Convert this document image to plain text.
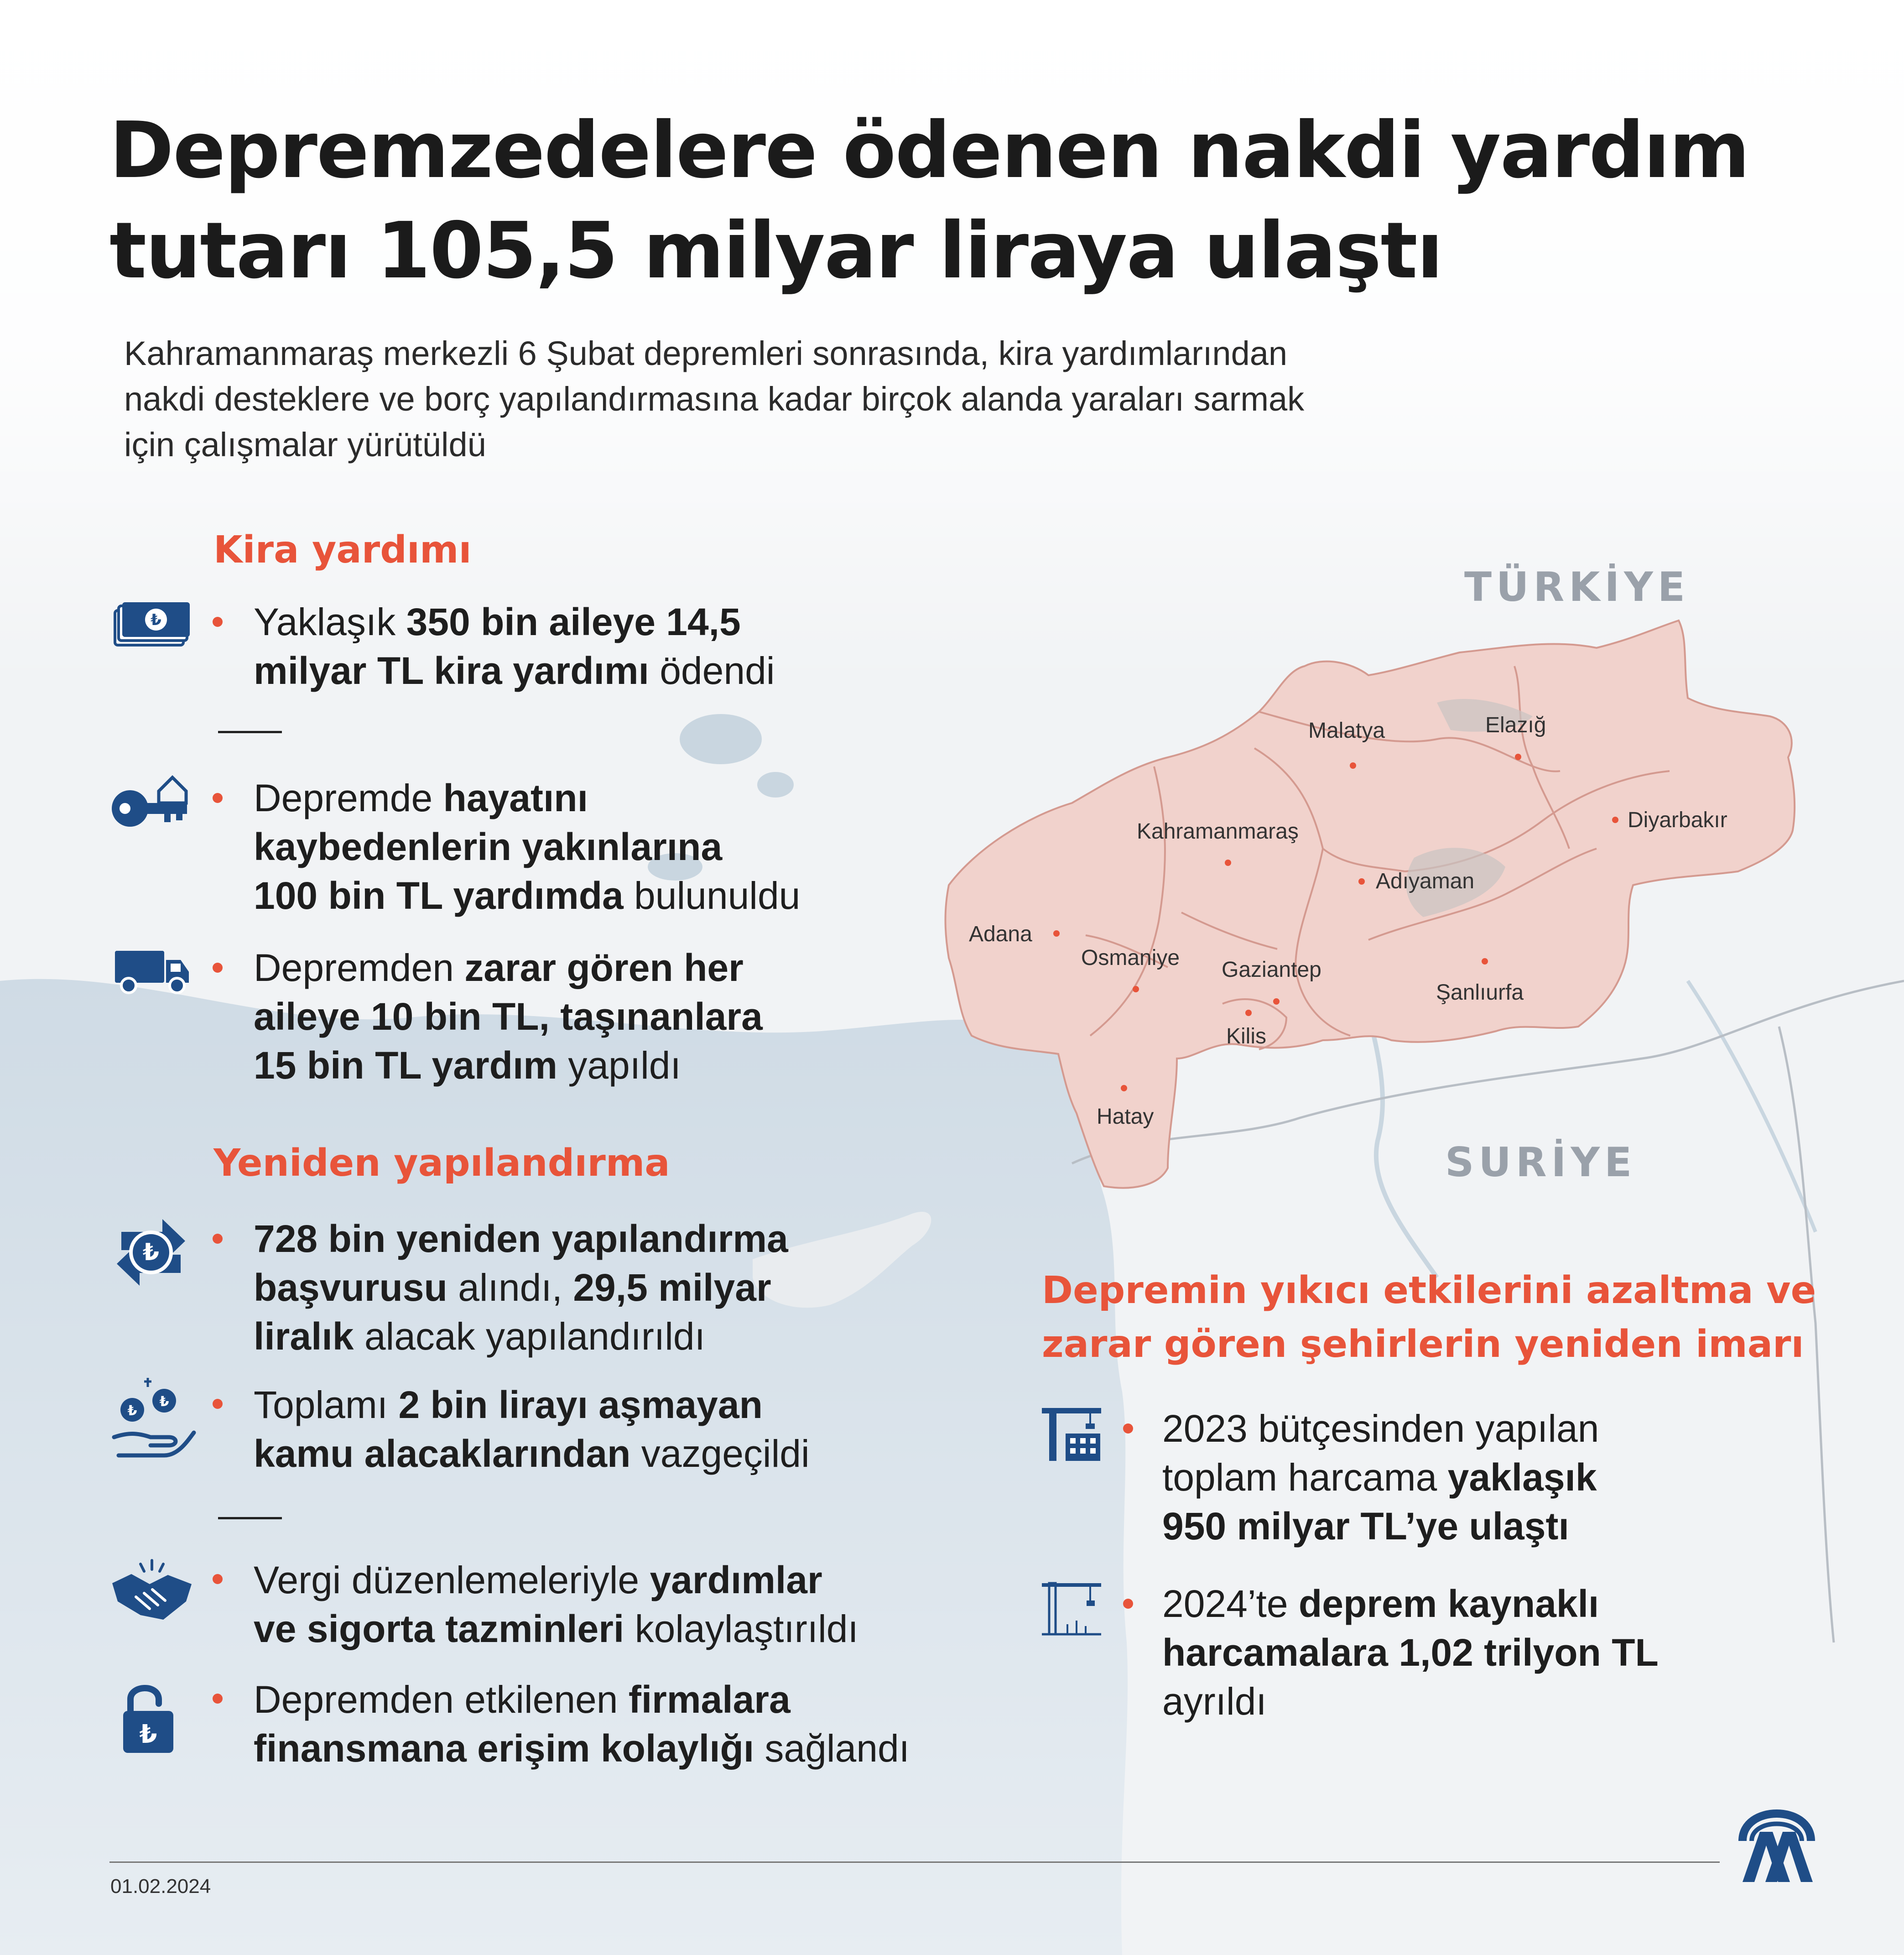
Depremzedelere ödenen nakdi yardım
tutarı 105,5 milyar liraya ulaştı
Kahramanmaraş merkezli 6 Şubat depremleri sonrasında, kira yardımlarından
nakdi desteklere ve borç yapılandırmasına kadar birçok alanda yaraları sarmak
için çalışmalar yürütüldü
Kira yardımı
₺ Yaklaşık 350 bin aileye 14,5
milyar TL kira yardımı ödendi
Depremde hayatını
kaybedenlerin yakınlarına
100 bin TL yardımda bulunuldu
Depremden zarar gören her
aileye 10 bin TL, taşınanlara
15 bin TL yardım yapıldı
Yeniden yapılandırma
₺ 728 bin yeniden yapılandırma
başvurusu alındı, 29,5 milyar
liralık alacak yapılandırıldı
₺
₺ Toplamı 2 bin lirayı aşmayan
kamu alacaklarından vazgeçildi
Vergi düzenlemeleriyle yardımlar
ve sigorta tazminleri kolaylaştırıldı
₺
Depremden etkilenen firmalara
finansmana erişim kolaylığı sağlandı
TÜRKİYE
SURİYE
Malatya	Elazığ
Diyarbakır
Kahramanmaraş
Adıyaman
Adana
Osmaniye Gaziantep
Şanlıurfa
Kilis
Hatay
Depremin yıkıcı etkilerini azaltma ve
zarar gören şehirlerin yeniden imarı
2023 bütçesinden yapılan
toplam harcama yaklaşık
950 milyar TL’ye ulaştı
2024’te deprem kaynaklı
harcamalara 1,02 trilyon TL
ayrıldı
01.02.2024
